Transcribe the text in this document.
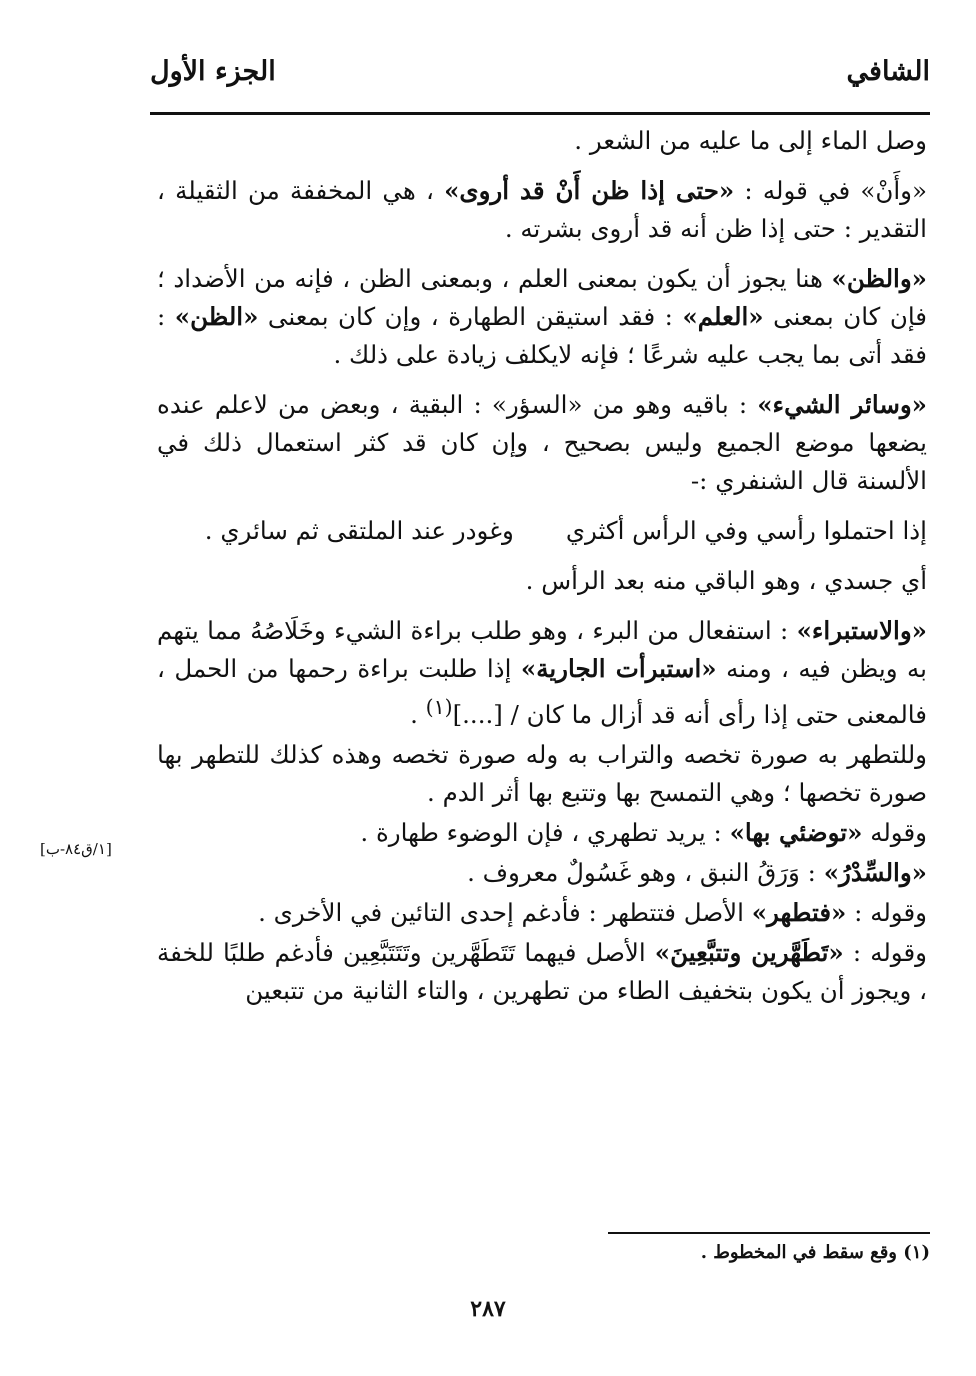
الشافي
الجزء الأول

وصل الماء إلى ما عليه من الشعر .

«وأَنْ» في قوله : «حتى إذا ظن أَنْ قد أروى» ، هي المخففة من الثقيلة ، التقدير : حتى إذا ظن أنه قد أروى بشرته .

«والظن» هنا يجوز أن يكون بمعنى العلم ، وبمعنى الظن ، فإنه من الأضداد ؛ فإن كان بمعنى «العلم» : فقد استيقن الطهارة ، وإن كان بمعنى «الظن» : فقد أتى بما يجب عليه شرعًا ؛ فإنه لايكلف زيادة على ذلك .

«وسائر الشيء» : باقيه وهو من «السؤر» : البقية ، وبعض من لاعلم عنده يضعها موضع الجميع وليس بصحيح ، وإن كان قد كثر استعمال ذلك في الألسنة قال الشنفري :-

إذا احتملوا رأسي وفي الرأس أكثريوغودر عند الملتقى ثم سائري .

أي جسدي ، وهو الباقي منه بعد الرأس .

«والاستبراء» : استفعال من البرء ، وهو طلب براءة الشيء وخَلَاصُهُ مما يتهم به ويظن فيه ، ومنه «استبرأت الجارية» إذا طلبت براءة رحمها من الحمل ، فالمعنى حتى إذا رأى أنه قد أزال ما كان / [....]$^{(١)}$ .

وللتطهر به صورة تخصه والتراب به وله صورة تخصه وهذه كذلك للتطهر بها صورة تخصها ؛ وهي التمسح بها وتتبع بها أثر الدم .

وقوله «توضئي بها» : يريد تطهري ، فإن الوضوء طهارة .

«والسِّدْرُ» : وَرَقُ النبق ، وهو غَسُولٌ معروف .

وقوله : «فتطهر» الأصل فتتطهر : فأدغم إحدى التائين في الأخرى .

وقوله : «تَطَهَّرين وتتبَّعِينَ» الأصل فيهما تَتَطَهَّرين وتَتَتَبَّعِين فأدغم طلبًا للخفة ، ويجوز أن يكون بتخفيف الطاء من تطهرين ، والتاء الثانية من تتبعين

[١/ق٨٤-ب]
(١) وقع سقط في المخطوط .
٢٨٧
